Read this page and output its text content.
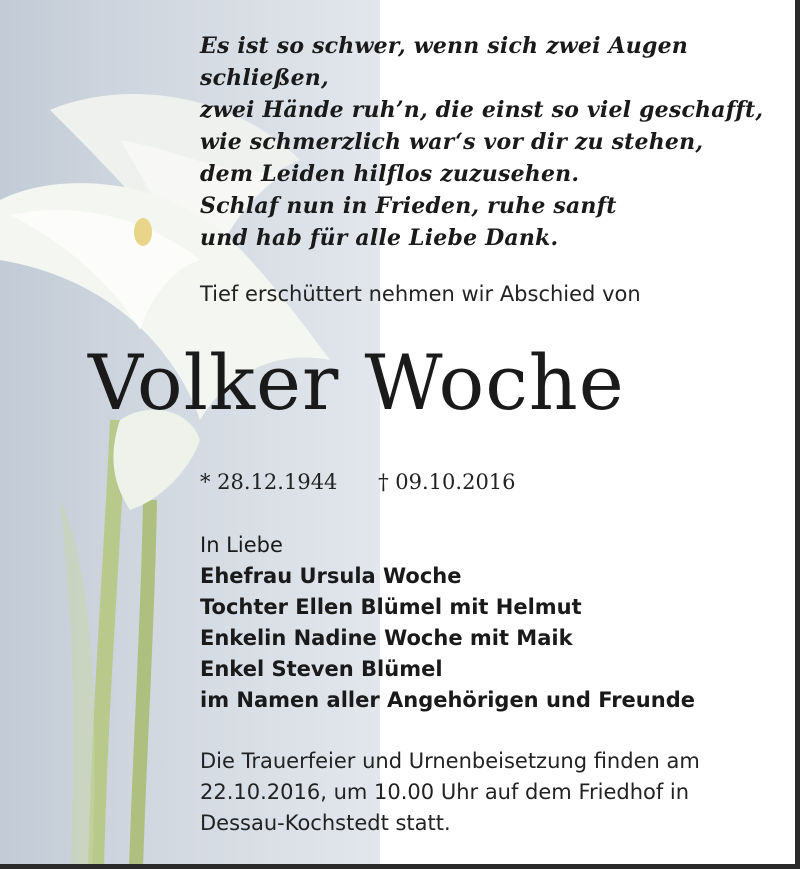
Es ist so schwer, wenn sich zwei Augen
schließen,
zwei Hände ruh’n, die einst so viel geschafft,
wie schmerzlich war‘s vor dir zu stehen,
dem Leiden hilflos zuzusehen.
Schlaf nun in Frieden, ruhe sanft
und hab für alle Liebe Dank.
Tief erschüttert nehmen wir Abschied von
Volker Woche
* 28.12.1944 † 09.10.2016
In Liebe
Ehefrau Ursula Woche
Tochter Ellen Blümel mit Helmut
Enkelin Nadine Woche mit Maik
Enkel Steven Blümel
im Namen aller Angehörigen und Freunde
Die Trauerfeier und Urnenbeisetzung finden am
22.10.2016, um 10.00 Uhr auf dem Friedhof in
Dessau-Kochstedt statt.
